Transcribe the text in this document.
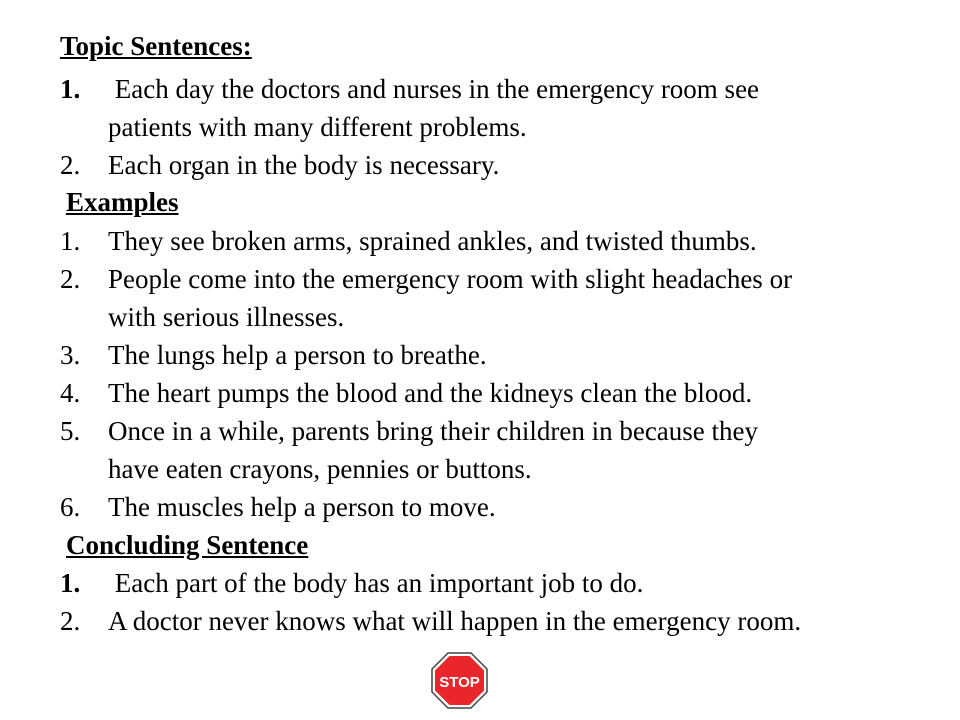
Topic Sentences:
1. Each day the doctors and nurses in the emergency room see
patients with many different problems.
2. Each organ in the body is necessary.
Examples
1. They see broken arms, sprained ankles, and twisted thumbs.
2. People come into the emergency room with slight headaches or
with serious illnesses.
3. The lungs help a person to breathe.
4. The heart pumps the blood and the kidneys clean the blood.
5. Once in a while, parents bring their children in because they
have eaten crayons, pennies or buttons.
6. The muscles help a person to move.
Concluding Sentence
1. Each part of the body has an important job to do.
2. A doctor never knows what will happen in the emergency room.
STOP
